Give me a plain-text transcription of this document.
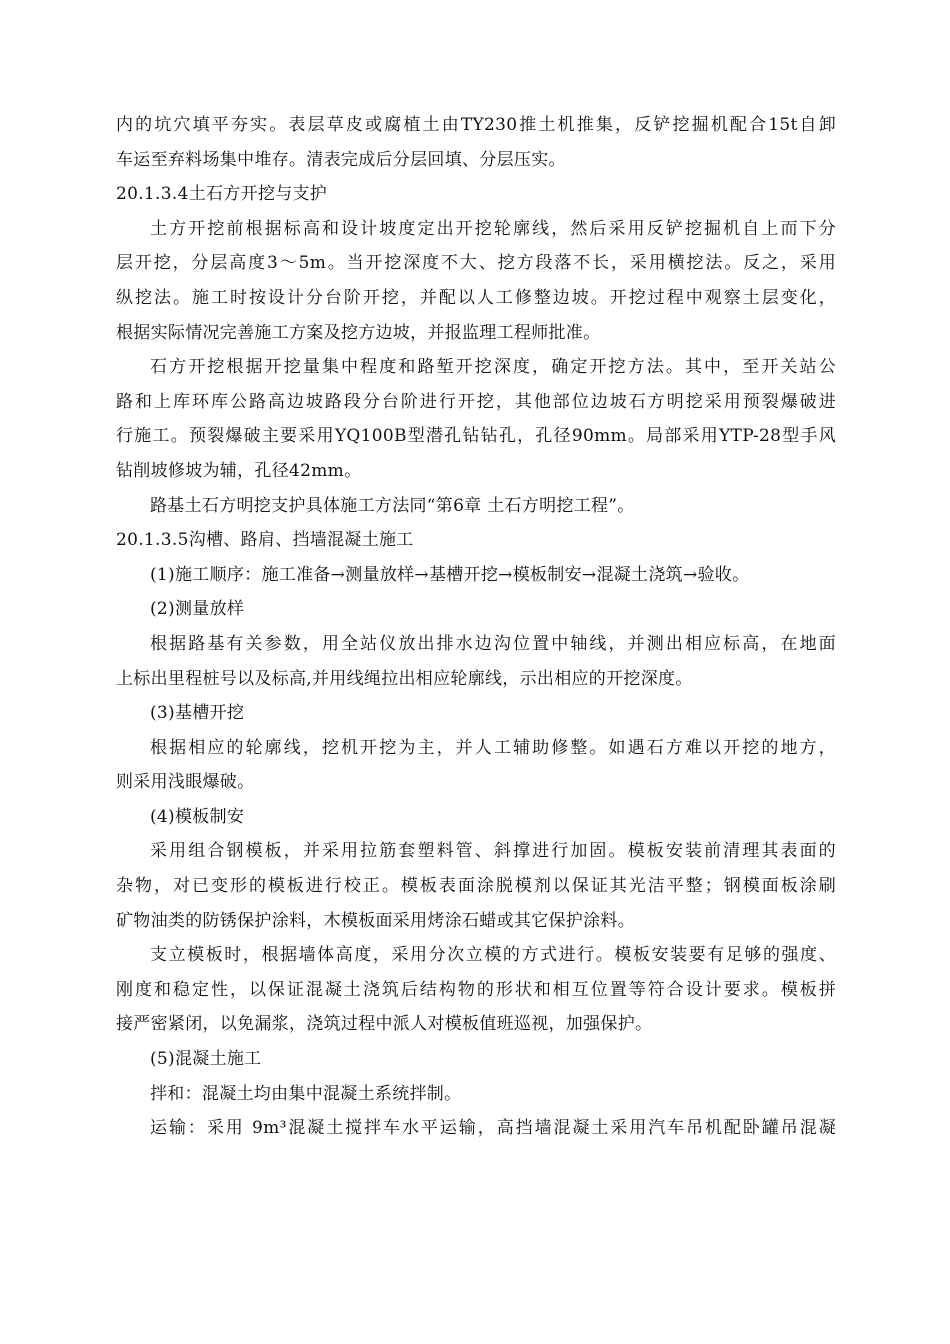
内的坑穴填平夯实。表层草皮或腐植土由TY230推土机推集，反铲挖掘机配合15t自卸
车运至弃料场集中堆存。清表完成后分层回填、分层压实。
20.1.3.4土石方开挖与支护
土方开挖前根据标高和设计坡度定出开挖轮廓线，然后采用反铲挖掘机自上而下分
层开挖，分层高度3～5m。当开挖深度不大、挖方段落不长，采用横挖法。反之，采用
纵挖法。施工时按设计分台阶开挖，并配以人工修整边坡。开挖过程中观察土层变化，
根据实际情况完善施工方案及挖方边坡，并报监理工程师批准。
石方开挖根据开挖量集中程度和路堑开挖深度，确定开挖方法。其中，至开关站公
路和上库环库公路高边坡路段分台阶进行开挖，其他部位边坡石方明挖采用预裂爆破进
行施工。预裂爆破主要采用YQ100B型潜孔钻钻孔，孔径90mm。局部采用YTP-28型手风
钻削坡修坡为辅，孔径42mm。
路基土石方明挖支护具体施工方法同“第6章 土石方明挖工程”。
20.1.3.5沟槽、路肩、挡墙混凝土施工
(1)施工顺序：施工准备→测量放样→基槽开挖→模板制安→混凝土浇筑→验收。
(2)测量放样
根据路基有关参数，用全站仪放出排水边沟位置中轴线，并测出相应标高，在地面
上标出里程桩号以及标高,并用线绳拉出相应轮廓线，示出相应的开挖深度。
(3)基槽开挖
根据相应的轮廓线，挖机开挖为主，并人工辅助修整。如遇石方难以开挖的地方，
则采用浅眼爆破。
(4)模板制安
采用组合钢模板，并采用拉筋套塑料管、斜撑进行加固。模板安装前清理其表面的
杂物，对已变形的模板进行校正。模板表面涂脱模剂以保证其光洁平整；钢模面板涂刷
矿物油类的防锈保护涂料，木模板面采用烤涂石蜡或其它保护涂料。
支立模板时，根据墙体高度，采用分次立模的方式进行。模板安装要有足够的强度、
刚度和稳定性，以保证混凝土浇筑后结构物的形状和相互位置等符合设计要求。模板拼
接严密紧闭，以免漏浆，浇筑过程中派人对模板值班巡视，加强保护。
(5)混凝土施工
拌和：混凝土均由集中混凝土系统拌制。
运输：采用 9m³混凝土搅拌车水平运输，高挡墙混凝土采用汽车吊机配卧罐吊混凝
